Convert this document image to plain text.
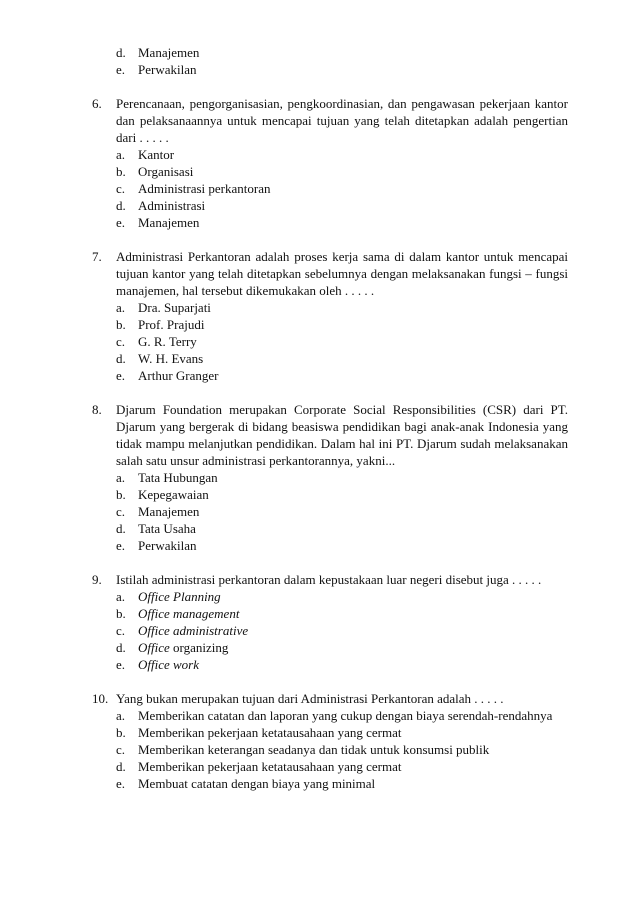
d. Manajemen
e. Perwakilan
6.	Perencanaan, pengorganisasian, pengkoordinasian, dan pengawasan pekerjaan kantor dan pelaksanaannya untuk mencapai tujuan yang telah ditetapkan adalah pengertian dari . . . . .
a. Kantor
b. Organisasi
c. Administrasi perkantoran
d. Administrasi
e. Manajemen
7.	Administrasi Perkantoran adalah proses kerja sama di dalam kantor untuk mencapai tujuan kantor yang telah ditetapkan sebelumnya dengan melaksanakan fungsi – fungsi manajemen, hal tersebut dikemukakan oleh . . . . .
a. Dra. Suparjati
b. Prof. Prajudi
c. G. R. Terry
d. W. H. Evans
e. Arthur Granger
8.	Djarum Foundation merupakan Corporate Social Responsibilities (CSR) dari PT. Djarum yang bergerak di bidang beasiswa pendidikan bagi anak-anak Indonesia yang tidak mampu melanjutkan pendidikan. Dalam hal ini PT. Djarum sudah melaksanakan salah satu unsur administrasi perkantorannya, yakni...
a. Tata Hubungan
b. Kepegawaian
c. Manajemen
d. Tata Usaha
e. Perwakilan
9.	Istilah administrasi perkantoran dalam kepustakaan luar negeri disebut juga . . . . .
a. Office Planning
b. Office management
c. Office administrative
d. Office organizing
e. Office work
10. Yang bukan merupakan tujuan dari Administrasi Perkantoran adalah . . . . .
a. Memberikan catatan dan laporan yang cukup dengan biaya serendah-rendahnya
b. Memberikan pekerjaan ketatausahaan yang cermat
c. Memberikan keterangan seadanya dan tidak untuk konsumsi publik
d. Memberikan pekerjaan ketatausahaan yang cermat
e. Membuat catatan dengan biaya yang minimal
